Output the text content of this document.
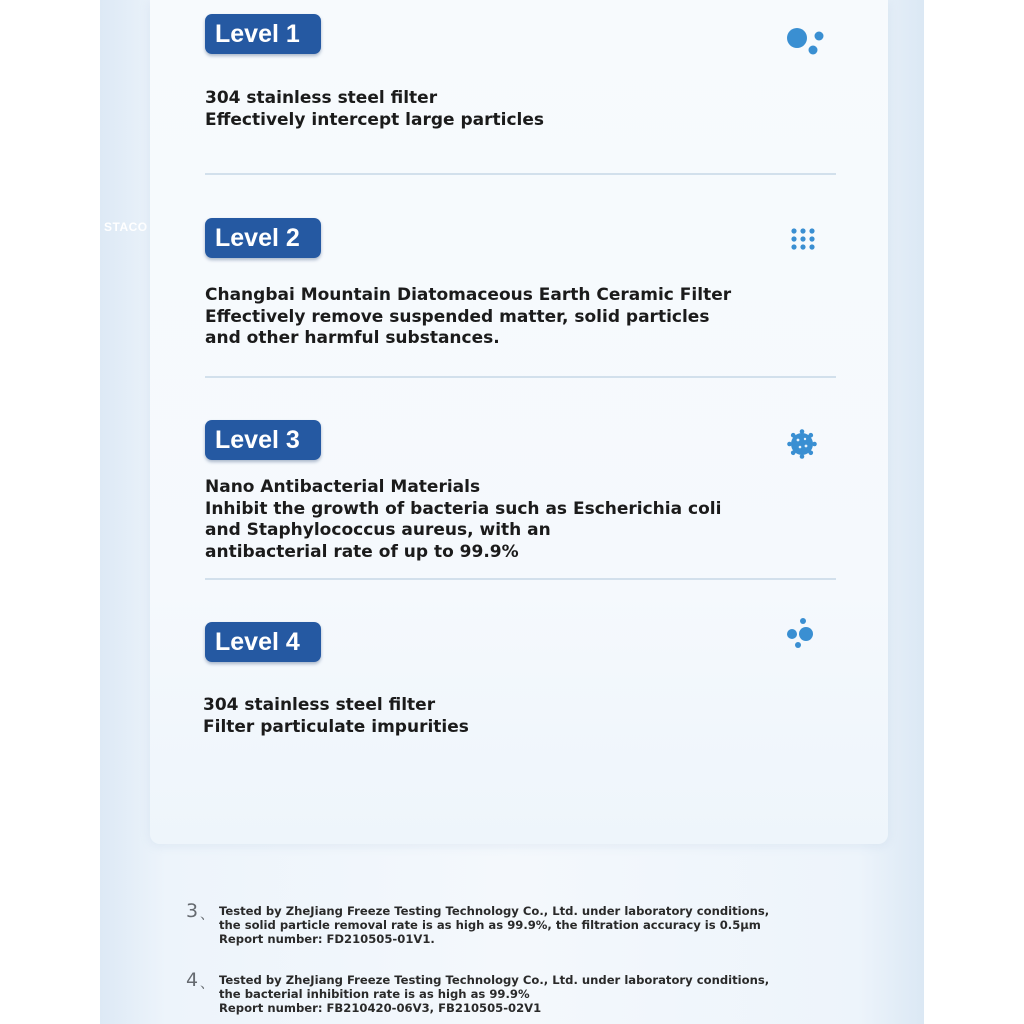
STACO
Level 1
304 stainless steel filter
Effectively intercept large particles
Level 2
Changbai Mountain Diatomaceous Earth Ceramic Filter
Effectively remove suspended matter, solid particles
and other harmful substances.
Level 3
Nano Antibacterial Materials
Inhibit the growth of bacteria such as Escherichia coli
and Staphylococcus aureus, with an
antibacterial rate of up to 99.9%
Level 4
304 stainless steel filter
Filter particulate impurities
3 、 Tested by ZheJiang Freeze Testing Technology Co., Ltd. under laboratory conditions,
the solid particle removal rate is as high as 99.9%, the filtration accuracy is 0.5μm
Report number: FD210505-01V1.
4 、 Tested by ZheJiang Freeze Testing Technology Co., Ltd. under laboratory conditions,
the bacterial inhibition rate is as high as 99.9%
Report number: FB210420-06V3, FB210505-02V1
